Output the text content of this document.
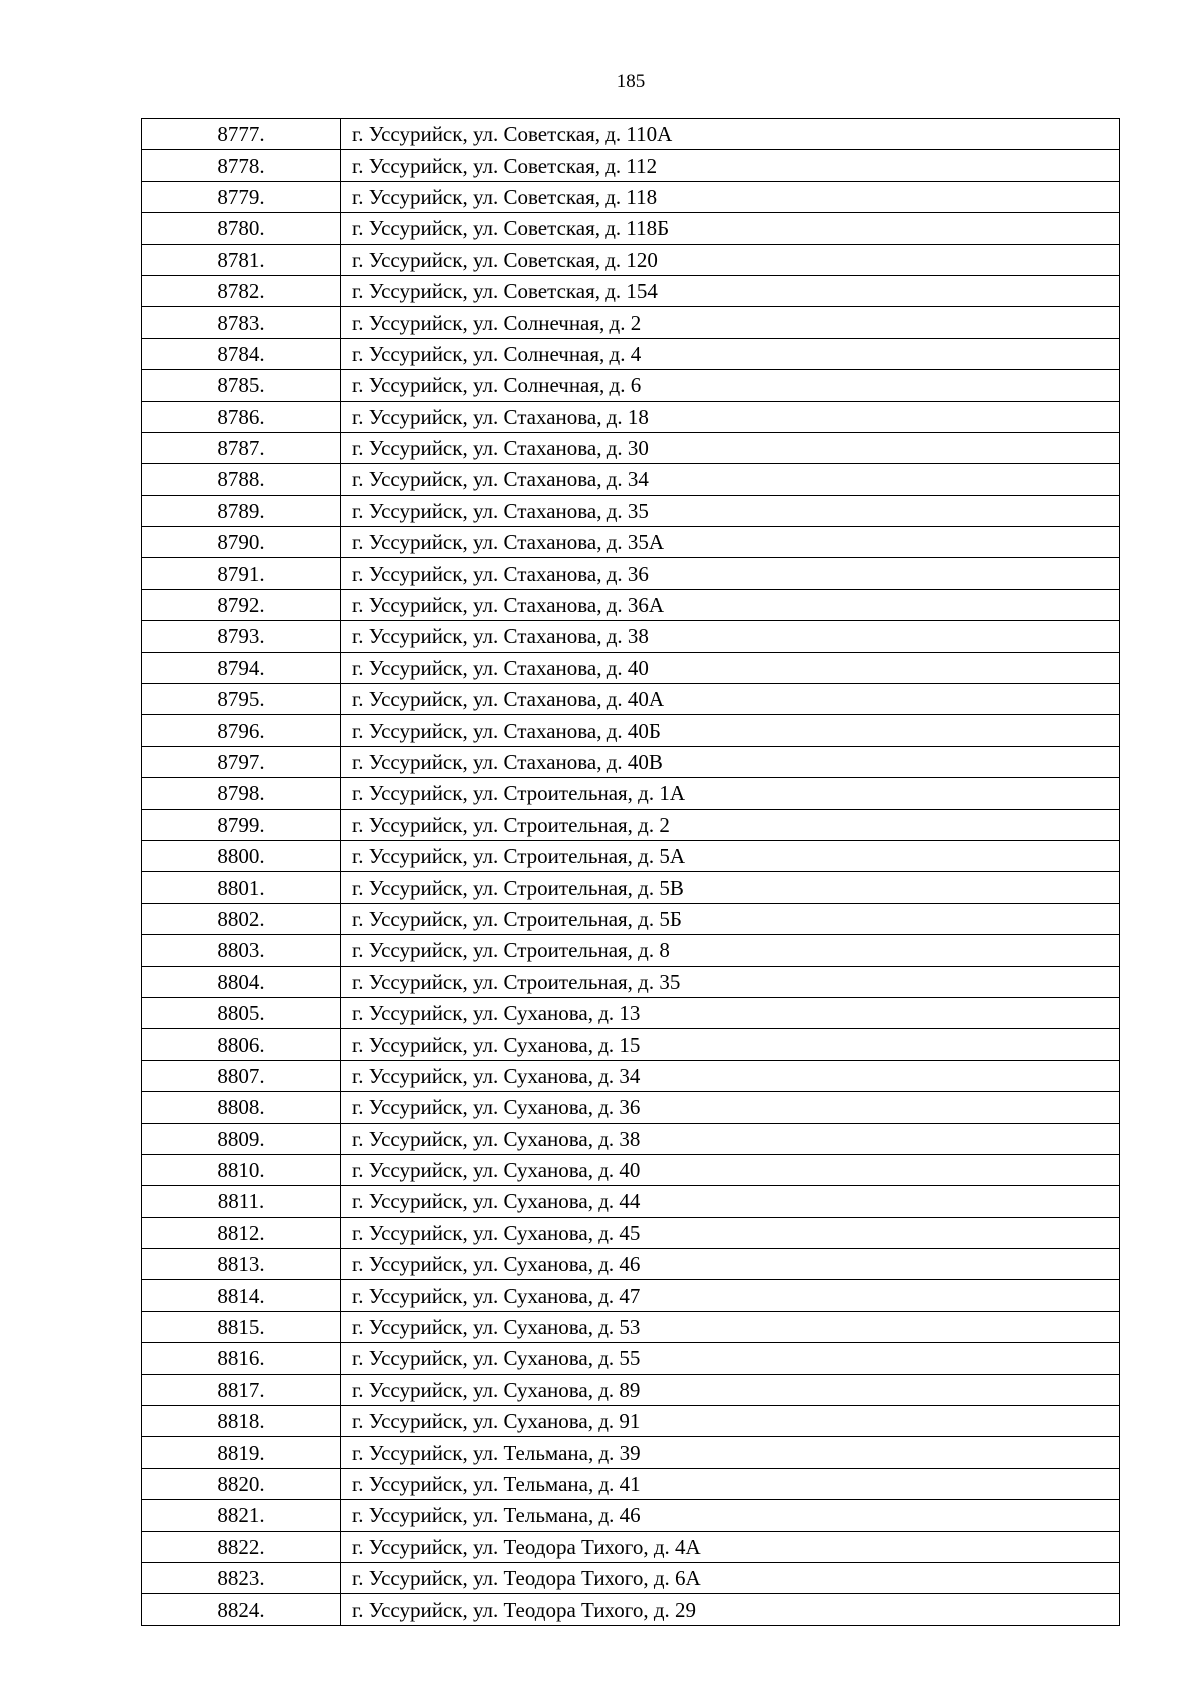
185
8777.	г. Уссурийск, ул. Советская, д. 110А
8778.	г. Уссурийск, ул. Советская, д. 112
8779.	г. Уссурийск, ул. Советская, д. 118
8780.	г. Уссурийск, ул. Советская, д. 118Б
8781.	г. Уссурийск, ул. Советская, д. 120
8782.	г. Уссурийск, ул. Советская, д. 154
8783.	г. Уссурийск, ул. Солнечная, д. 2
8784.	г. Уссурийск, ул. Солнечная, д. 4
8785.	г. Уссурийск, ул. Солнечная, д. 6
8786.	г. Уссурийск, ул. Стаханова, д. 18
8787.	г. Уссурийск, ул. Стаханова, д. 30
8788.	г. Уссурийск, ул. Стаханова, д. 34
8789.	г. Уссурийск, ул. Стаханова, д. 35
8790.	г. Уссурийск, ул. Стаханова, д. 35А
8791.	г. Уссурийск, ул. Стаханова, д. 36
8792.	г. Уссурийск, ул. Стаханова, д. 36А
8793.	г. Уссурийск, ул. Стаханова, д. 38
8794.	г. Уссурийск, ул. Стаханова, д. 40
8795.	г. Уссурийск, ул. Стаханова, д. 40А
8796.	г. Уссурийск, ул. Стаханова, д. 40Б
8797.	г. Уссурийск, ул. Стаханова, д. 40В
8798.	г. Уссурийск, ул. Строительная, д. 1А
8799.	г. Уссурийск, ул. Строительная, д. 2
8800.	г. Уссурийск, ул. Строительная, д. 5А
8801.	г. Уссурийск, ул. Строительная, д. 5В
8802.	г. Уссурийск, ул. Строительная, д. 5Б
8803.	г. Уссурийск, ул. Строительная, д. 8
8804.	г. Уссурийск, ул. Строительная, д. 35
8805.	г. Уссурийск, ул. Суханова, д. 13
8806.	г. Уссурийск, ул. Суханова, д. 15
8807.	г. Уссурийск, ул. Суханова, д. 34
8808.	г. Уссурийск, ул. Суханова, д. 36
8809.	г. Уссурийск, ул. Суханова, д. 38
8810.	г. Уссурийск, ул. Суханова, д. 40
8811.	г. Уссурийск, ул. Суханова, д. 44
8812.	г. Уссурийск, ул. Суханова, д. 45
8813.	г. Уссурийск, ул. Суханова, д. 46
8814.	г. Уссурийск, ул. Суханова, д. 47
8815.	г. Уссурийск, ул. Суханова, д. 53
8816.	г. Уссурийск, ул. Суханова, д. 55
8817.	г. Уссурийск, ул. Суханова, д. 89
8818.	г. Уссурийск, ул. Суханова, д. 91
8819.	г. Уссурийск, ул. Тельмана, д. 39
8820.	г. Уссурийск, ул. Тельмана, д. 41
8821.	г. Уссурийск, ул. Тельмана, д. 46
8822.	г. Уссурийск, ул. Теодора Тихого, д. 4А
8823.	г. Уссурийск, ул. Теодора Тихого, д. 6А
8824.	г. Уссурийск, ул. Теодора Тихого, д. 29
